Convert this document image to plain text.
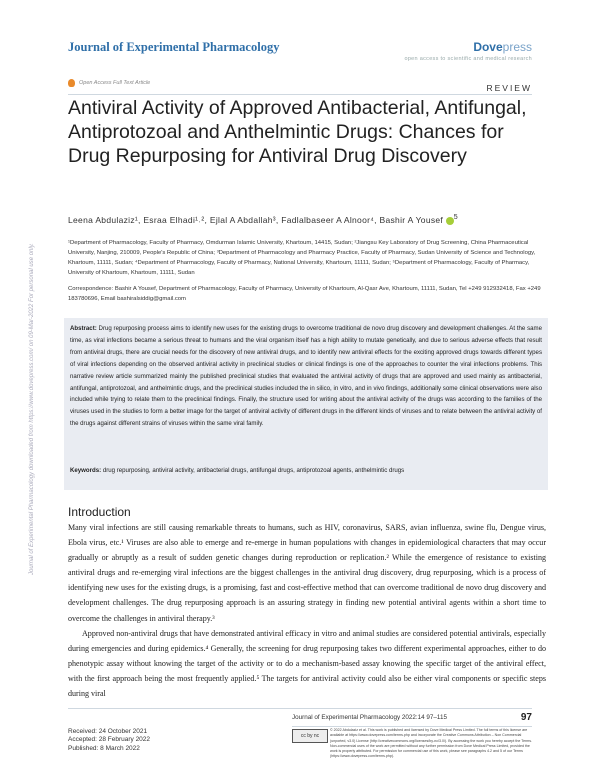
Journal of Experimental Pharmacology	Dovepress
open access to scientific and medical research
Open Access Full Text Article	REVIEW
Antiviral Activity of Approved Antibacterial, Antifungal, Antiprotozoal and Anthelmintic Drugs: Chances for Drug Repurposing for Antiviral Drug Discovery
Leena Abdulaziz¹, Esraa Elhadi¹˒², Ejlal A Abdallah³, Fadlalbaseer A Alnoor⁴, Bashir A Yousef $^5$
¹Department of Pharmacology, Faculty of Pharmacy, Omdurman Islamic University, Khartoum, 14415, Sudan; ²Jiangsu Key Laboratory of Drug Screening, China Pharmaceutical University, Nanjing, 210009, People's Republic of China; ³Department of Pharmacology and Pharmacy Practice, Faculty of Pharmacy, Sudan University of Science and Technology, Khartoum, 11111, Sudan; ⁴Department of Pharmacology, Faculty of Pharmacy, National University, Khartoum, 11111, Sudan; ⁵Department of Pharmacology, Faculty of Pharmacy, University of Khartoum, Khartoum, 11111, Sudan
Correspondence: Bashir A Yousef, Department of Pharmacology, Faculty of Pharmacy, University of Khartoum, Al-Qasr Ave, Khartoum, 11111, Sudan, Tel +249 912932418, Fax +249 183780696, Email bashiralsiddig@gmail.com
Abstract: Drug repurposing process aims to identify new uses for the existing drugs to overcome traditional de novo drug discovery and development challenges. At the same time, as viral infections became a serious threat to humans and the viral organism itself has a high ability to mutate genetically, and due to serious adverse effects that result from antiviral drugs, there are crucial needs for the discovery of new antiviral drugs, and to identify new antiviral effects for the exciting approved drugs towards different types of viral infections depending on the observed antiviral activity in preclinical studies or clinical findings is one of the approaches to counter the viral infections problems. This narrative review article summarized mainly the published preclinical studies that evaluated the antiviral activity of drugs that are approved and used mainly as antibacterial, antifungal, antiprotozoal, and anthelmintic drugs, and the preclinical studies included the in silico, in vitro, and in vivo findings, additionally some clinical observations were also included while trying to relate them to the preclinical findings. Finally, the structure used for writing about the antiviral activity of the drugs was according to the families of the viruses used in the studies to form a better image for the target of antiviral activity of different drugs in the different kinds of viruses and to relate between the antiviral activity of the drugs against different strains of viruses within the same viral family.
Keywords: drug repurposing, antiviral activity, antibacterial drugs, antifungal drugs, antiprotozoal agents, anthelmintic drugs
Introduction

Many viral infections are still causing remarkable threats to humans, such as HIV, coronavirus, SARS, avian influenza, swine flu, Dengue virus, Ebola virus, etc.¹ Viruses are also able to emerge and re-emerge in human populations with changes in epidemiological characters that may occur gradually or abruptly as a result of sudden genetic changes during reproduction or replication.² While the emergence of resistance to existing antiviral drugs and re-emerging viral infections are the biggest challenges in the antiviral drug discovery, drug repurposing, which is a process of identifying new uses for the existing drugs, is a promising, fast and cost-effective method that can overcome traditional de novo drug discovery and development challenges. The drug repurposing approach is an assuring strategy in finding new potential antiviral agents within a short time to overcome the challenges in antiviral therapy.³

Approved non-antiviral drugs that have demonstrated antiviral efficacy in vitro and animal studies are considered potential antivirals, especially during emergencies and during epidemics.⁴ Generally, the screening for drug repurposing takes two different experimental approaches, either to do phenotypic assay without knowing the target of the activity or to do a mechanism-based assay knowing the specific target of the antiviral effect, with the first approach being the most frequently applied.⁵ The targets for antiviral activity could also be either viral components or specific steps during viral

Journal of Experimental Pharmacology downloaded from https://www.dovepress.com/ on 09-Mar-2022 For personal use only.
Received: 24 October 2021
Accepted: 28 February 2022
Published: 8 March 2022
Journal of Experimental Pharmacology 2022:14 97–115	97
cc by nc
© 2022 Abdulaziz et al. This work is published and licensed by Dove Medical Press Limited. The full terms of this license are available at https://www.dovepress.com/terms.php and incorporate the Creative Commons Attribution – Non Commercial (unported, v3.0) License (http://creativecommons.org/licenses/by-nc/3.0/). By accessing the work you hereby accept the Terms. Non-commercial uses of the work are permitted without any further permission from Dove Medical Press Limited, provided the work is properly attributed. For permission for commercial use of this work, please see paragraphs 4.2 and 5 of our Terms (https://www.dovepress.com/terms.php).
